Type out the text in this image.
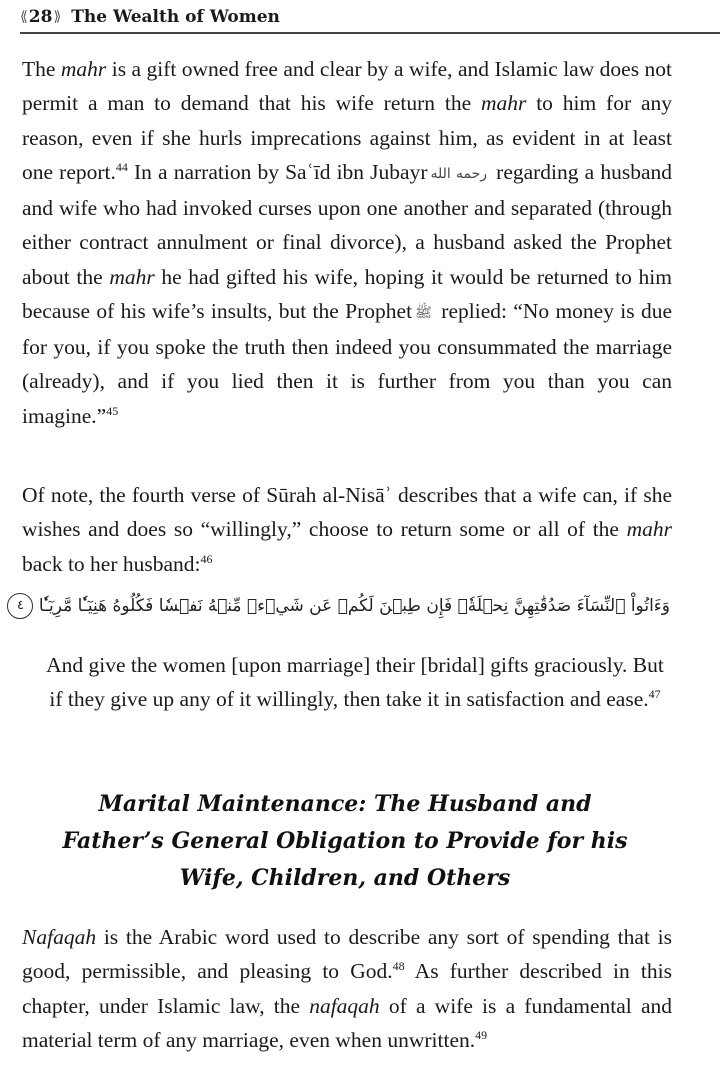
⟪ 28 ⟫ The Wealth of Women

The mahr is a gift owned free and clear by a wife, and Islamic law does not permit a man to demand that his wife return the mahr to him for any reason, even if she hurls imprecations against him, as evident in at least one report.$^{44}$ In a narration by Saʿīd ibn Jubayr رحمه الله regarding a husband and wife who had invoked curses upon one another and separated (through either contract annulment or final divorce), a husband asked the Prophet about the mahr he had gifted his wife, hoping it would be returned to him because of his wife’s insults, but the Prophet ﷺ replied: “No money is due for you, if you spoke the truth then indeed you consummated the marriage (already), and if you lied then it is further from you than you can imagine.”$^{45}$

Of note, the fourth verse of Sūrah al-Nisāʾ describes that a wife can, if she wishes and does so “willingly,” choose to return some or all of the mahr back to her husband:$^{46}$

وَءَاتُواْ ٱلنِّسَآءَ صَدُقَٰتِهِنَّ نِحۡلَةٗۚ فَإِن طِبۡنَ لَكُمۡ عَن شَيۡءٖ مِّنۡهُ نَفۡسٗا فَكُلُوهُ هَنِيٓـٔٗا مَّرِيٓـٔٗا ٤

And give the women [upon marriage] their [bridal] gifts graciously. But if they give up any of it willingly, then take it in satisfaction and ease.$^{47}$

Marital Maintenance: The Husband and
Father’s General Obligation to Provide for his
Wife, Children, and Others

Nafaqah is the Arabic word used to describe any sort of spending that is good, permissible, and pleasing to God.$^{48}$ As further described in this chapter, under Islamic law, the nafaqah of a wife is a fundamental and material term of any marriage, even when unwritten.$^{49}$
